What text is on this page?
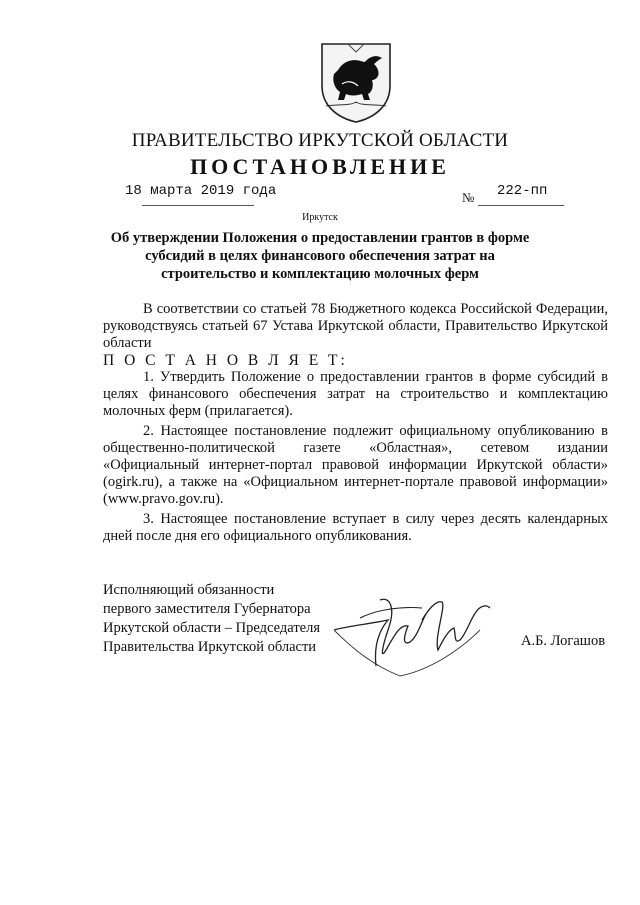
ПРАВИТЕЛЬСТВО ИРКУТСКОЙ ОБЛАСТИ
ПОСТАНОВЛЕНИЕ
18 марта 2019 года	№ 222-пп
Иркутск
Об утверждении Положения о предоставлении грантов в форме субсидий в целях финансового обеспечения затрат на строительство и комплектацию молочных ферм

В соответствии со статьей 78 Бюджетного кодекса Российской Федерации, руководствуясь статьей 67 Устава Иркутской области, Правительство Иркутской области

П О С Т А Н О В Л Я Е Т:

1. Утвердить Положение о предоставлении грантов в форме субсидий в целях финансового обеспечения затрат на строительство и комплектацию молочных ферм (прилагается).

2. Настоящее постановление подлежит официальному опубликованию в общественно-политической газете «Областная», сетевом издании «Официальный интернет-портал правовой информации Иркутской области» (ogirk.ru), а также на «Официальном интернет-портале правовой информации» (www.pravo.gov.ru).

3. Настоящее постановление вступает в силу через десять календарных дней после дня его официального опубликования.

Исполняющий обязанности
первого заместителя Губернатора
Иркутской области – Председателя
Правительства Иркутской области	А.Б. Логашов
